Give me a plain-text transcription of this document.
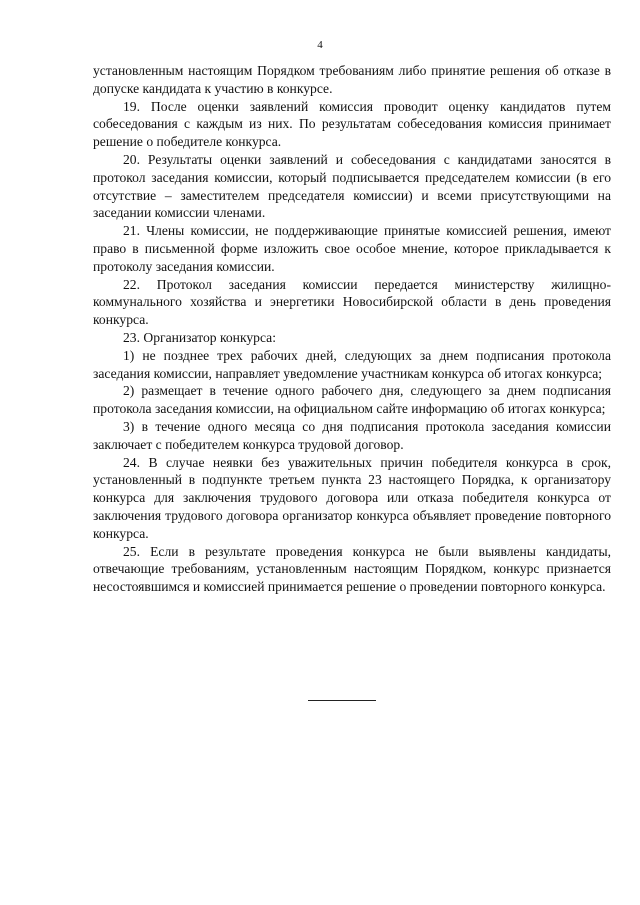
4

установленным настоящим Порядком требованиям либо принятие решения об отказе в допуске кандидата к участию в конкурсе.

19. После оценки заявлений комиссия проводит оценку кандидатов путем собеседования с каждым из них. По результатам собеседования комиссия принимает решение о победителе конкурса.

20. Результаты оценки заявлений и собеседования с кандидатами заносятся в протокол заседания комиссии, который подписывается председателем комиссии (в его отсутствие – заместителем председателя комиссии) и всеми присутствующими на заседании комиссии членами.

21. Члены комиссии, не поддерживающие принятые комиссией решения, имеют право в письменной форме изложить свое особое мнение, которое прикладывается к протоколу заседания комиссии.

22. Протокол заседания комиссии передается министерству жилищно-коммунального хозяйства и энергетики Новосибирской области в день проведения конкурса.

23. Организатор конкурса:

1) не позднее трех рабочих дней, следующих за днем подписания протокола заседания комиссии, направляет уведомление участникам конкурса об итогах конкурса;

2) размещает в течение одного рабочего дня, следующего за днем подписания протокола заседания комиссии, на официальном сайте информацию об итогах конкурса;

3) в течение одного месяца со дня подписания протокола заседания комиссии заключает с победителем конкурса трудовой договор.

24. В случае неявки без уважительных причин победителя конкурса в срок, установленный в подпункте третьем пункта 23 настоящего Порядка, к организатору конкурса для заключения трудового договора или отказа победителя конкурса от заключения трудового договора организатор конкурса объявляет проведение повторного конкурса.

25. Если в результате проведения конкурса не были выявлены кандидаты, отвечающие требованиям, установленным настоящим Порядком, конкурс признается несостоявшимся и комиссией принимается решение о проведении повторного конкурса.
